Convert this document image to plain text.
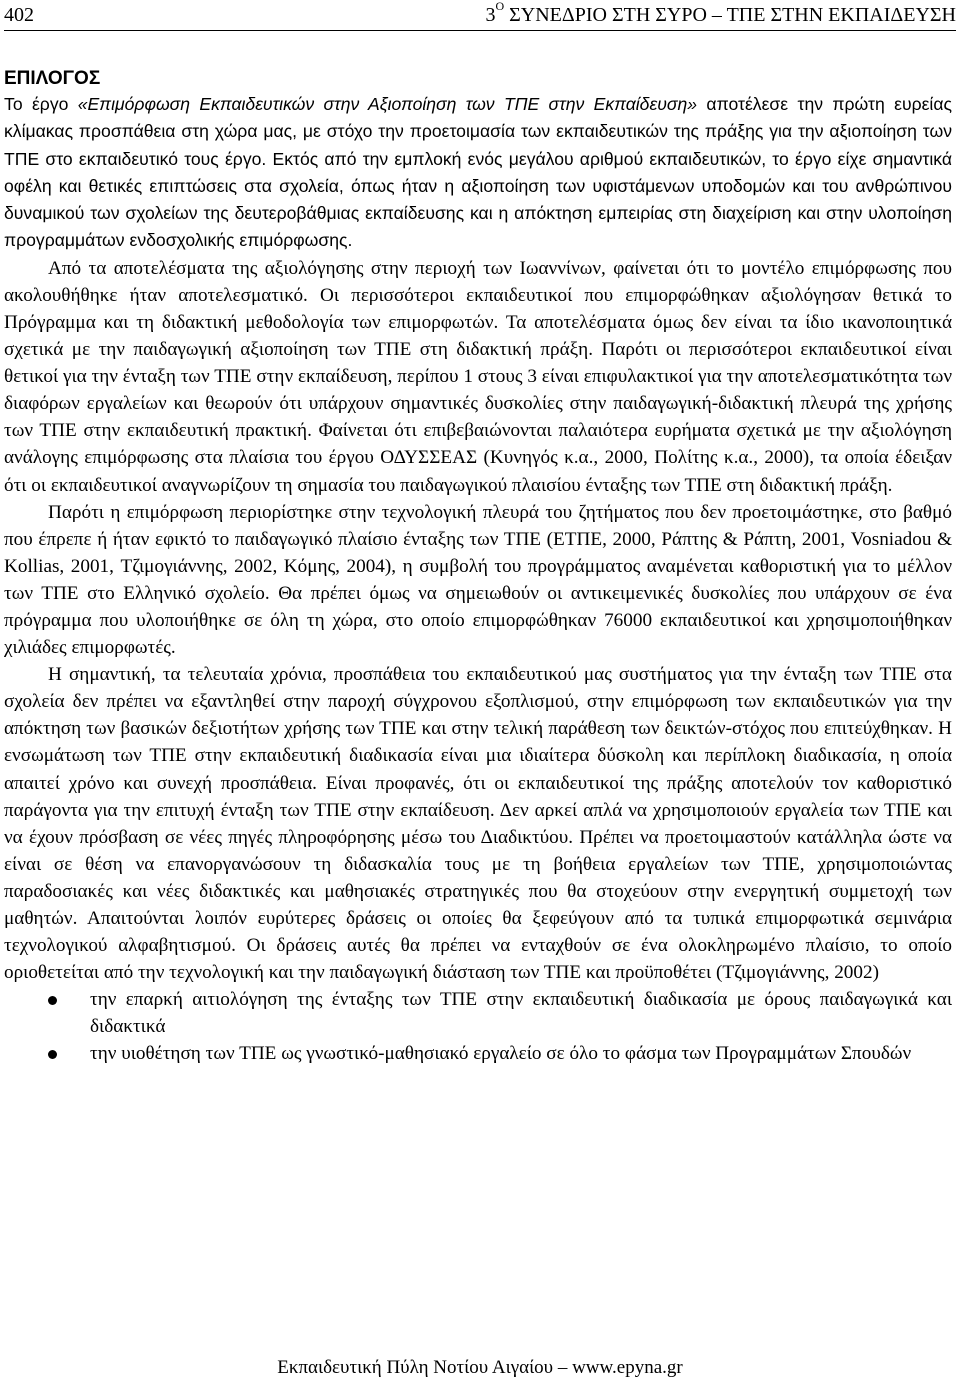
402	$3^O$ ΣΥΝΕΔΡΙΟ ΣΤΗ ΣΥΡΟ – ΤΠΕ ΣΤΗΝ ΕΚΠΑΙΔΕΥΣΗ
ΕΠΙΛΟΓΟΣ

Το έργο «Επιμόρφωση Εκπαιδευτικών στην Αξιοποίηση των ΤΠΕ στην Εκπαίδευση» αποτέλεσε την πρώτη ευρείας κλίμακας προσπάθεια στη χώρα μας, με στόχο την προετοιμασία των εκπαιδευτικών της πράξης για την αξιοποίηση των ΤΠΕ στο εκπαιδευτικό τους έργο. Εκτός από την εμπλοκή ενός μεγάλου αριθμού εκπαιδευτικών, το έργο είχε σημαντικά οφέλη και θετικές επιπτώσεις στα σχολεία, όπως ήταν η αξιοποίηση των υφιστάμενων υποδομών και του ανθρώπινου δυναμικού των σχολείων της δευτεροβάθμιας εκπαίδευσης και η απόκτηση εμπειρίας στη διαχείριση και στην υλοποίηση προγραμμάτων ενδοσχολικής επιμόρφωσης.

Από τα αποτελέσματα της αξιολόγησης στην περιοχή των Ιωαννίνων, φαίνεται ότι το μοντέλο επιμόρφωσης που ακολουθήθηκε ήταν αποτελεσματικό. Οι περισσότεροι εκπαιδευτικοί που επιμορφώθηκαν αξιολόγησαν θετικά το Πρόγραμμα και τη διδακτική μεθοδολογία των επιμορφωτών. Τα αποτελέσματα όμως δεν είναι τα ίδιο ικανοποιητικά σχετικά με την παιδαγωγική αξιοποίηση των ΤΠΕ στη διδακτική πράξη. Παρότι οι περισσότεροι εκπαιδευτικοί είναι θετικοί για την ένταξη των ΤΠΕ στην εκπαίδευση, περίπου 1 στους 3 είναι επιφυλακτικοί για την αποτελεσματικότητα των διαφόρων εργαλείων και θεωρούν ότι υπάρχουν σημαντικές δυσκολίες στην παιδαγωγική-διδακτική πλευρά της χρήσης των ΤΠΕ στην εκπαιδευτική πρακτική. Φαίνεται ότι επιβεβαιώνονται παλαιότερα ευρήματα σχετικά με την αξιολόγηση ανάλογης επιμόρφωσης στα πλαίσια του έργου ΟΔΥΣΣΕΑΣ (Κυνηγός κ.α., 2000, Πολίτης κ.α., 2000), τα οποία έδειξαν ότι οι εκπαιδευτικοί αναγνωρίζουν τη σημασία του παιδαγωγικού πλαισίου ένταξης των ΤΠΕ στη διδακτική πράξη.

Παρότι η επιμόρφωση περιορίστηκε στην τεχνολογική πλευρά του ζητήματος που δεν προετοιμάστηκε, στο βαθμό που έπρεπε ή ήταν εφικτό το παιδαγωγικό πλαίσιο ένταξης των ΤΠΕ (ΕΤΠΕ, 2000, Ράπτης & Ράπτη, 2001, Vosniadou & Kollias, 2001, Τζιμογιάννης, 2002, Κόμης, 2004), η συμβολή του προγράμματος αναμένεται καθοριστική για το μέλλον των ΤΠΕ στο Ελληνικό σχολείο. Θα πρέπει όμως να σημειωθούν οι αντικειμενικές δυσκολίες που υπάρχουν σε ένα πρόγραμμα που υλοποιήθηκε σε όλη τη χώρα, στο οποίο επιμορφώθηκαν 76000 εκπαιδευτικοί και χρησιμοποιήθηκαν χιλιάδες επιμορφωτές.

Η σημαντική, τα τελευταία χρόνια, προσπάθεια του εκπαιδευτικού μας συστήματος για την ένταξη των ΤΠΕ στα σχολεία δεν πρέπει να εξαντληθεί στην παροχή σύγχρονου εξοπλισμού, στην επιμόρφωση των εκπαιδευτικών για την απόκτηση των βασικών δεξιοτήτων χρήσης των ΤΠΕ και στην τελική παράθεση των δεικτών-στόχος που επιτεύχθηκαν. Η ενσωμάτωση των ΤΠΕ στην εκπαιδευτική διαδικασία είναι μια ιδιαίτερα δύσκολη και περίπλοκη διαδικασία, η οποία απαιτεί χρόνο και συνεχή προσπάθεια. Είναι προφανές, ότι οι εκπαιδευτικοί της πράξης αποτελούν τον καθοριστικό παράγοντα για την επιτυχή ένταξη των ΤΠΕ στην εκπαίδευση. Δεν αρκεί απλά να χρησιμοποιούν εργαλεία των ΤΠΕ και να έχουν πρόσβαση σε νέες πηγές πληροφόρησης μέσω του Διαδικτύου. Πρέπει να προετοιμαστούν κατάλληλα ώστε να είναι σε θέση να επανοργανώσουν τη διδασκαλία τους με τη βοήθεια εργαλείων των ΤΠΕ, χρησιμοποιώντας παραδοσιακές και νέες διδακτικές και μαθησιακές στρατηγικές που θα στοχεύουν στην ενεργητική συμμετοχή των μαθητών. Απαιτούνται λοιπόν ευρύτερες δράσεις οι οποίες θα ξεφεύγουν από τα τυπικά επιμορφωτικά σεμινάρια τεχνολογικού αλφαβητισμού. Οι δράσεις αυτές θα πρέπει να ενταχθούν σε ένα ολοκληρωμένο πλαίσιο, το οποίο οριοθετείται από την τεχνολογική και την παιδαγωγική διάσταση των ΤΠΕ και προϋποθέτει (Τζιμογιάννης, 2002)

την επαρκή αιτιολόγηση της ένταξης των ΤΠΕ στην εκπαιδευτική διαδικασία με όρους παιδαγωγικά και διδακτικά
την υιοθέτηση των ΤΠΕ ως γνωστικό-μαθησιακό εργαλείο σε όλο το φάσμα των Προγραμμάτων Σπουδών
Εκπαιδευτική Πύλη Νοτίου Αιγαίου – www.epyna.gr
